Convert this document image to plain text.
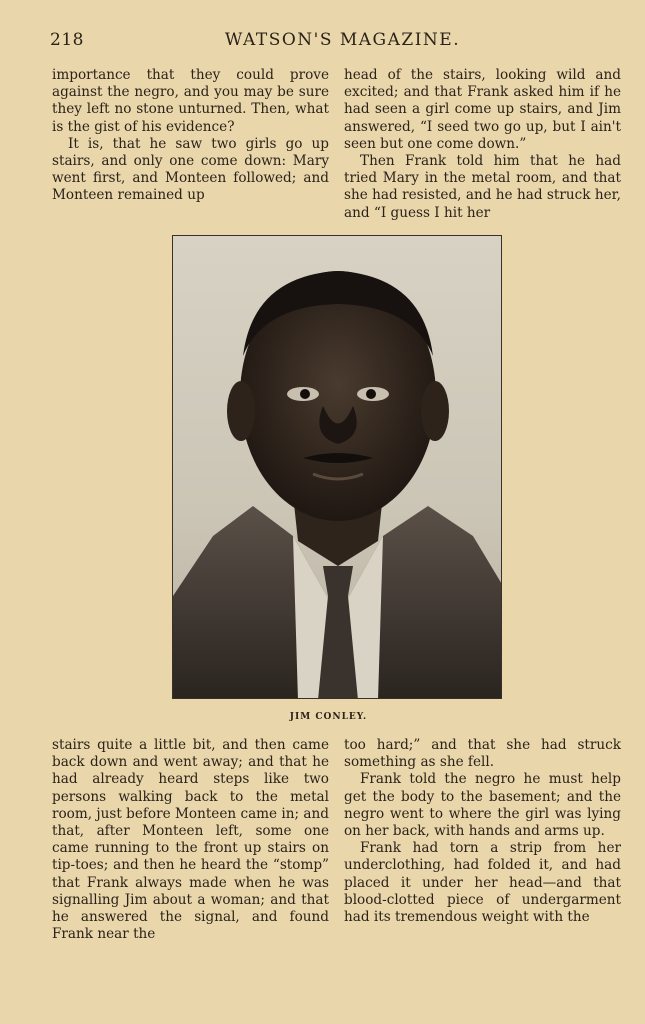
218	WATSON'S MAGAZINE.

importance that they could prove against the negro, and you may be sure they left no stone unturned. Then, what is the gist of his evidence?

It is, that he saw two girls go up stairs, and only one come down: Mary went first, and Monteen followed; and Monteen remained up

head of the stairs, looking wild and excited; and that Frank asked him if he had seen a girl come up stairs, and Jim answered, “I seed two go up, but I ain't seen but one come down.”

Then Frank told him that he had tried Mary in the metal room, and that she had resisted, and he had struck her, and “I guess I hit her

JIM CONLEY.

stairs quite a little bit, and then came back down and went away; and that he had already heard steps like two persons walking back to the metal room, just before Monteen came in; and that, after Monteen left, some one came running to the front up stairs on tip-toes; and then he heard the “stomp” that Frank always made when he was signalling Jim about a woman; and that he answered the signal, and found Frank near the

too hard;” and that she had struck something as she fell.

Frank told the negro he must help get the body to the basement; and the negro went to where the girl was lying on her back, with hands and arms up.

Frank had torn a strip from her underclothing, had folded it, and had placed it under her head—and that blood-clotted piece of undergarment had its tremendous weight with the
